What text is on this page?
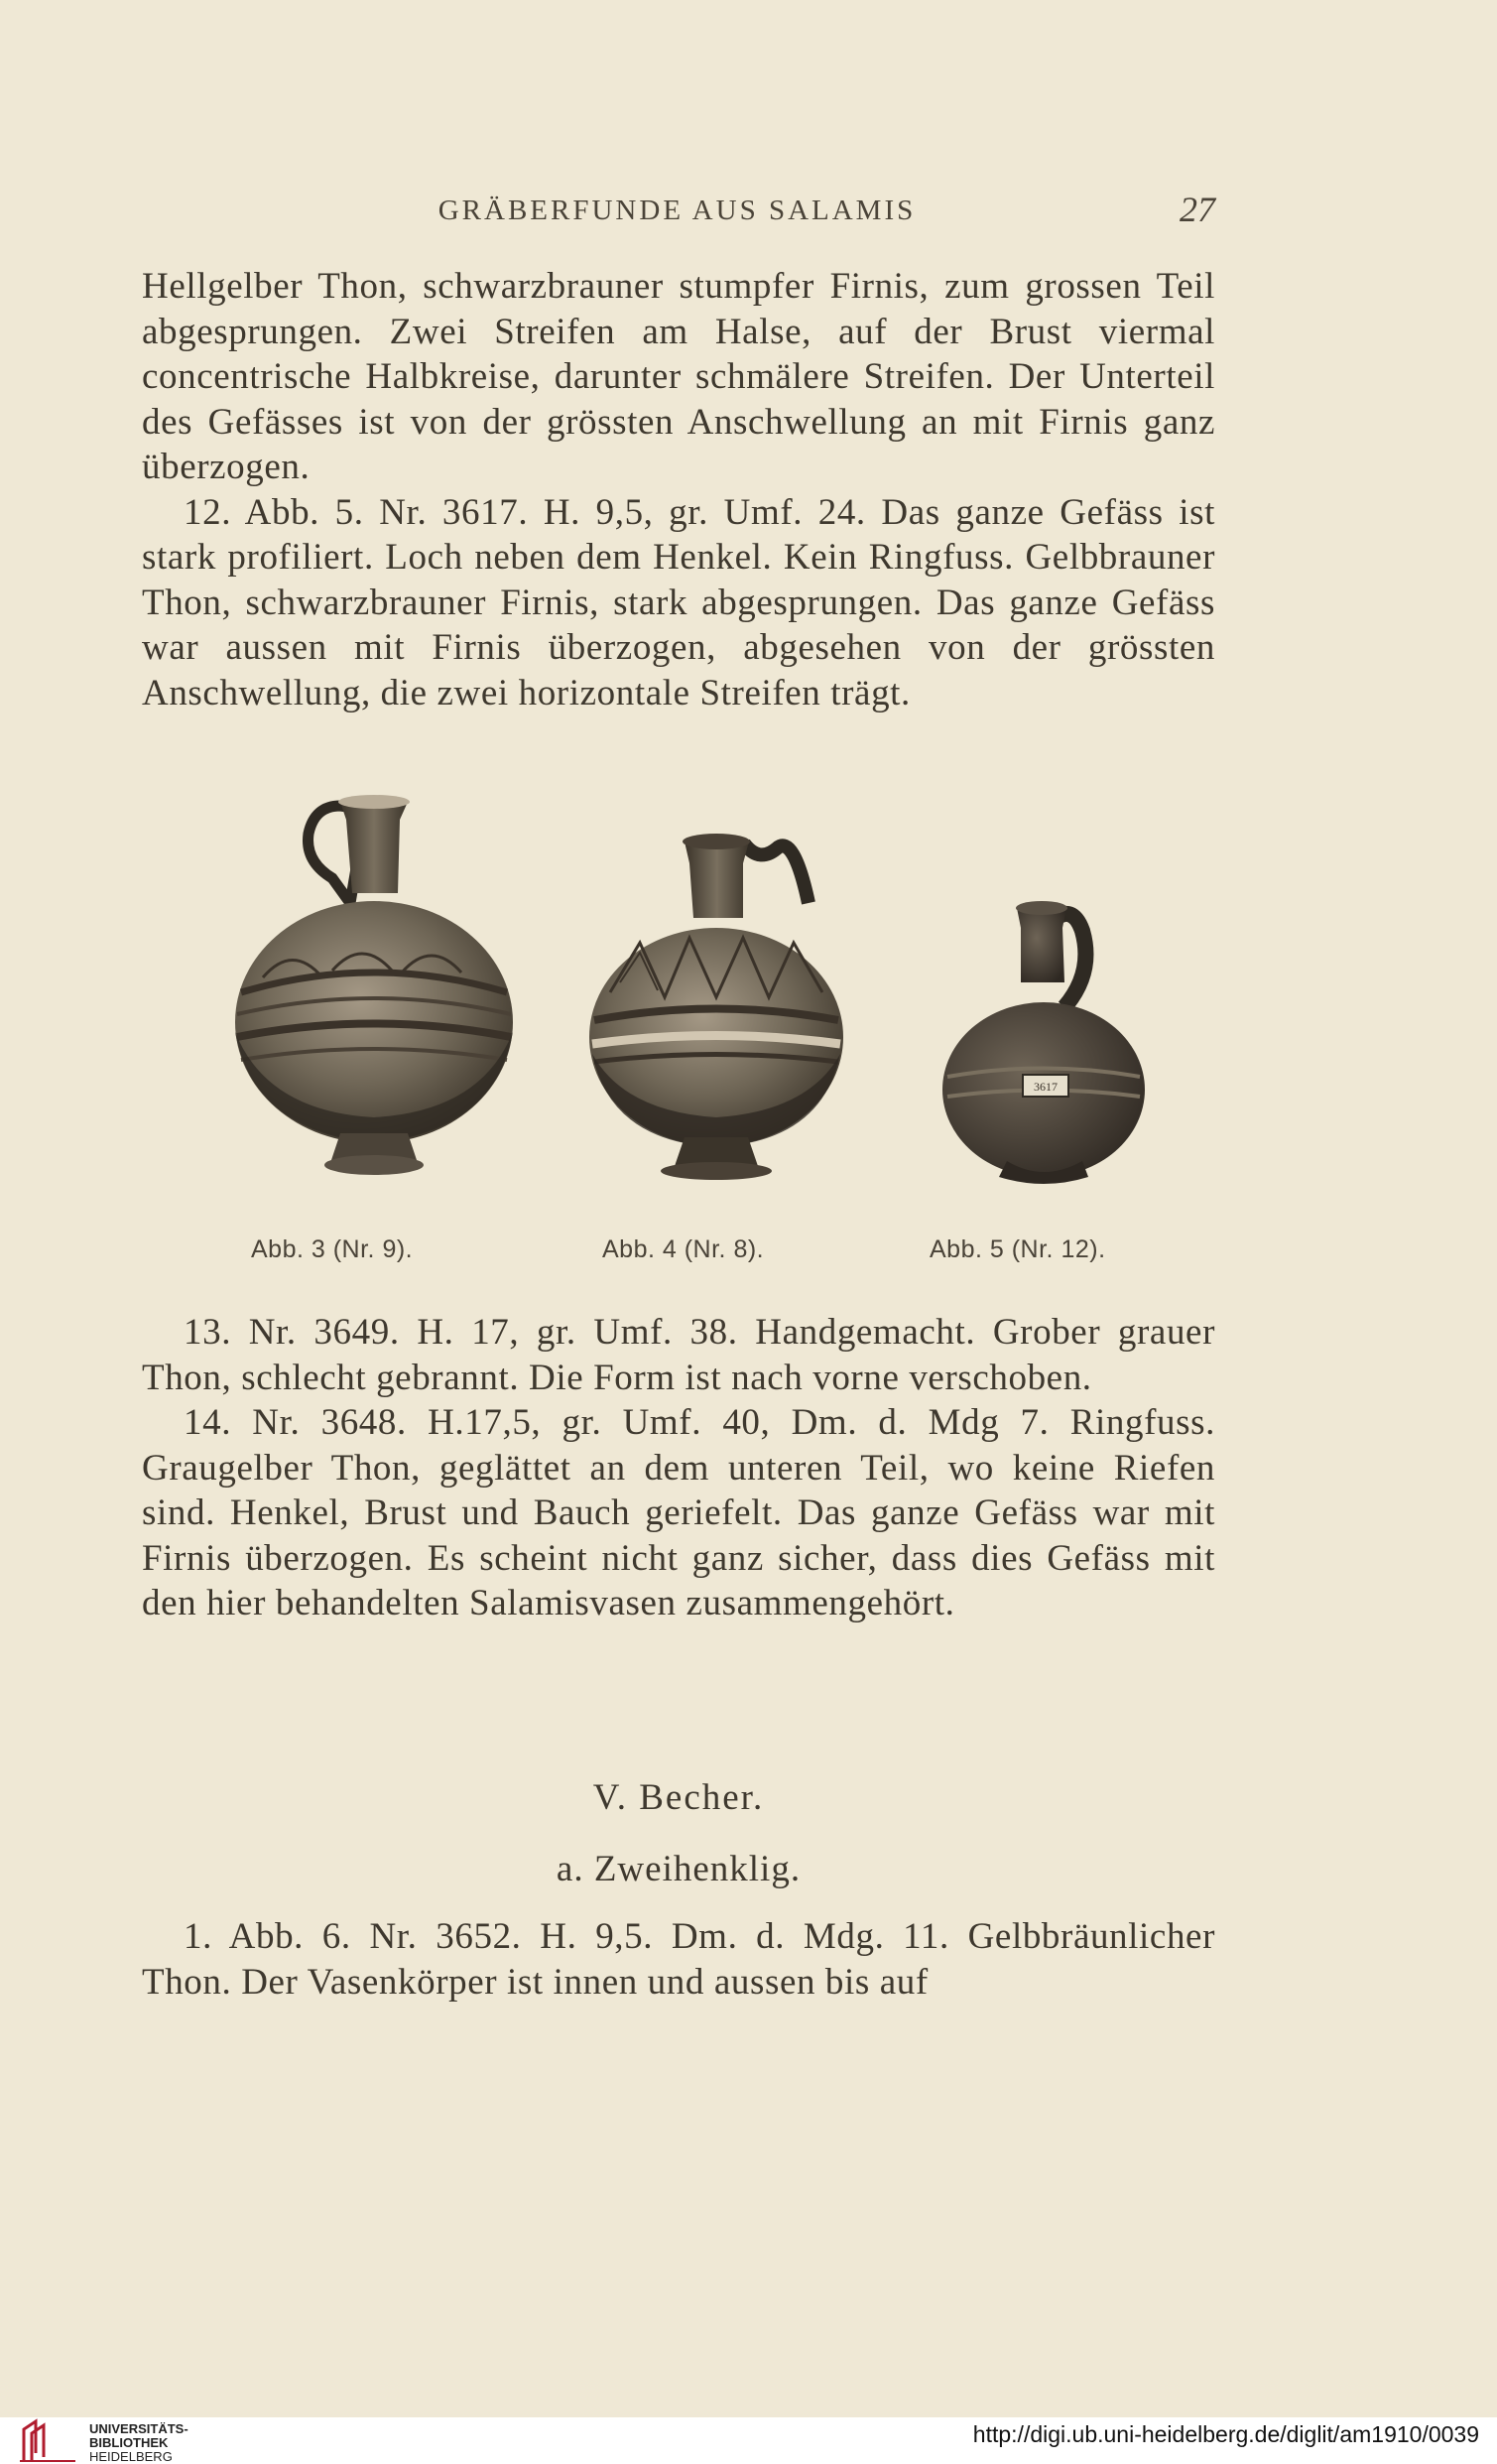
GRÄBERFUNDE AUS SALAMIS	27

Hellgelber Thon, schwarzbrauner stumpfer Firnis, zum grossen Teil abgesprungen. Zwei Streifen am Halse, auf der Brust viermal concentrische Halbkreise, darunter schmälere Streifen. Der Unterteil des Gefässes ist von der grössten Anschwellung an mit Firnis ganz überzogen.

12. Abb. 5. Nr. 3617. H. 9,5, gr. Umf. 24. Das ganze Gefäss ist stark profiliert. Loch neben dem Henkel. Kein Ringfuss. Gelbbrauner Thon, schwarzbrauner Firnis, stark abgesprungen. Das ganze Gefäss war aussen mit Firnis überzogen, abgesehen von der grössten Anschwellung, die zwei horizontale Streifen trägt.

3617
Abb. 3 (Nr. 9).	Abb. 4 (Nr. 8).	Abb. 5 (Nr. 12).

13. Nr. 3649. H. 17, gr. Umf. 38. Handgemacht. Grober grauer Thon, schlecht gebrannt. Die Form ist nach vorne verschoben.

14. Nr. 3648. H.17,5, gr. Umf. 40, Dm. d. Mdg 7. Ringfuss. Graugelber Thon, geglättet an dem unteren Teil, wo keine Riefen sind. Henkel, Brust und Bauch geriefelt. Das ganze Gefäss war mit Firnis überzogen. Es scheint nicht ganz sicher, dass dies Gefäss mit den hier behandelten Salamisvasen zusammengehört.

V. Becher.
a. Zweihenklig.

1. Abb. 6. Nr. 3652. H. 9,5. Dm. d. Mdg. 11. Gelbbräunlicher Thon. Der Vasenkörper ist innen und aussen bis auf

UNIVERSITÄTS-
BIBLIOTHEK
HEIDELBERG
http://digi.ub.uni-heidelberg.de/diglit/am1910/0039
